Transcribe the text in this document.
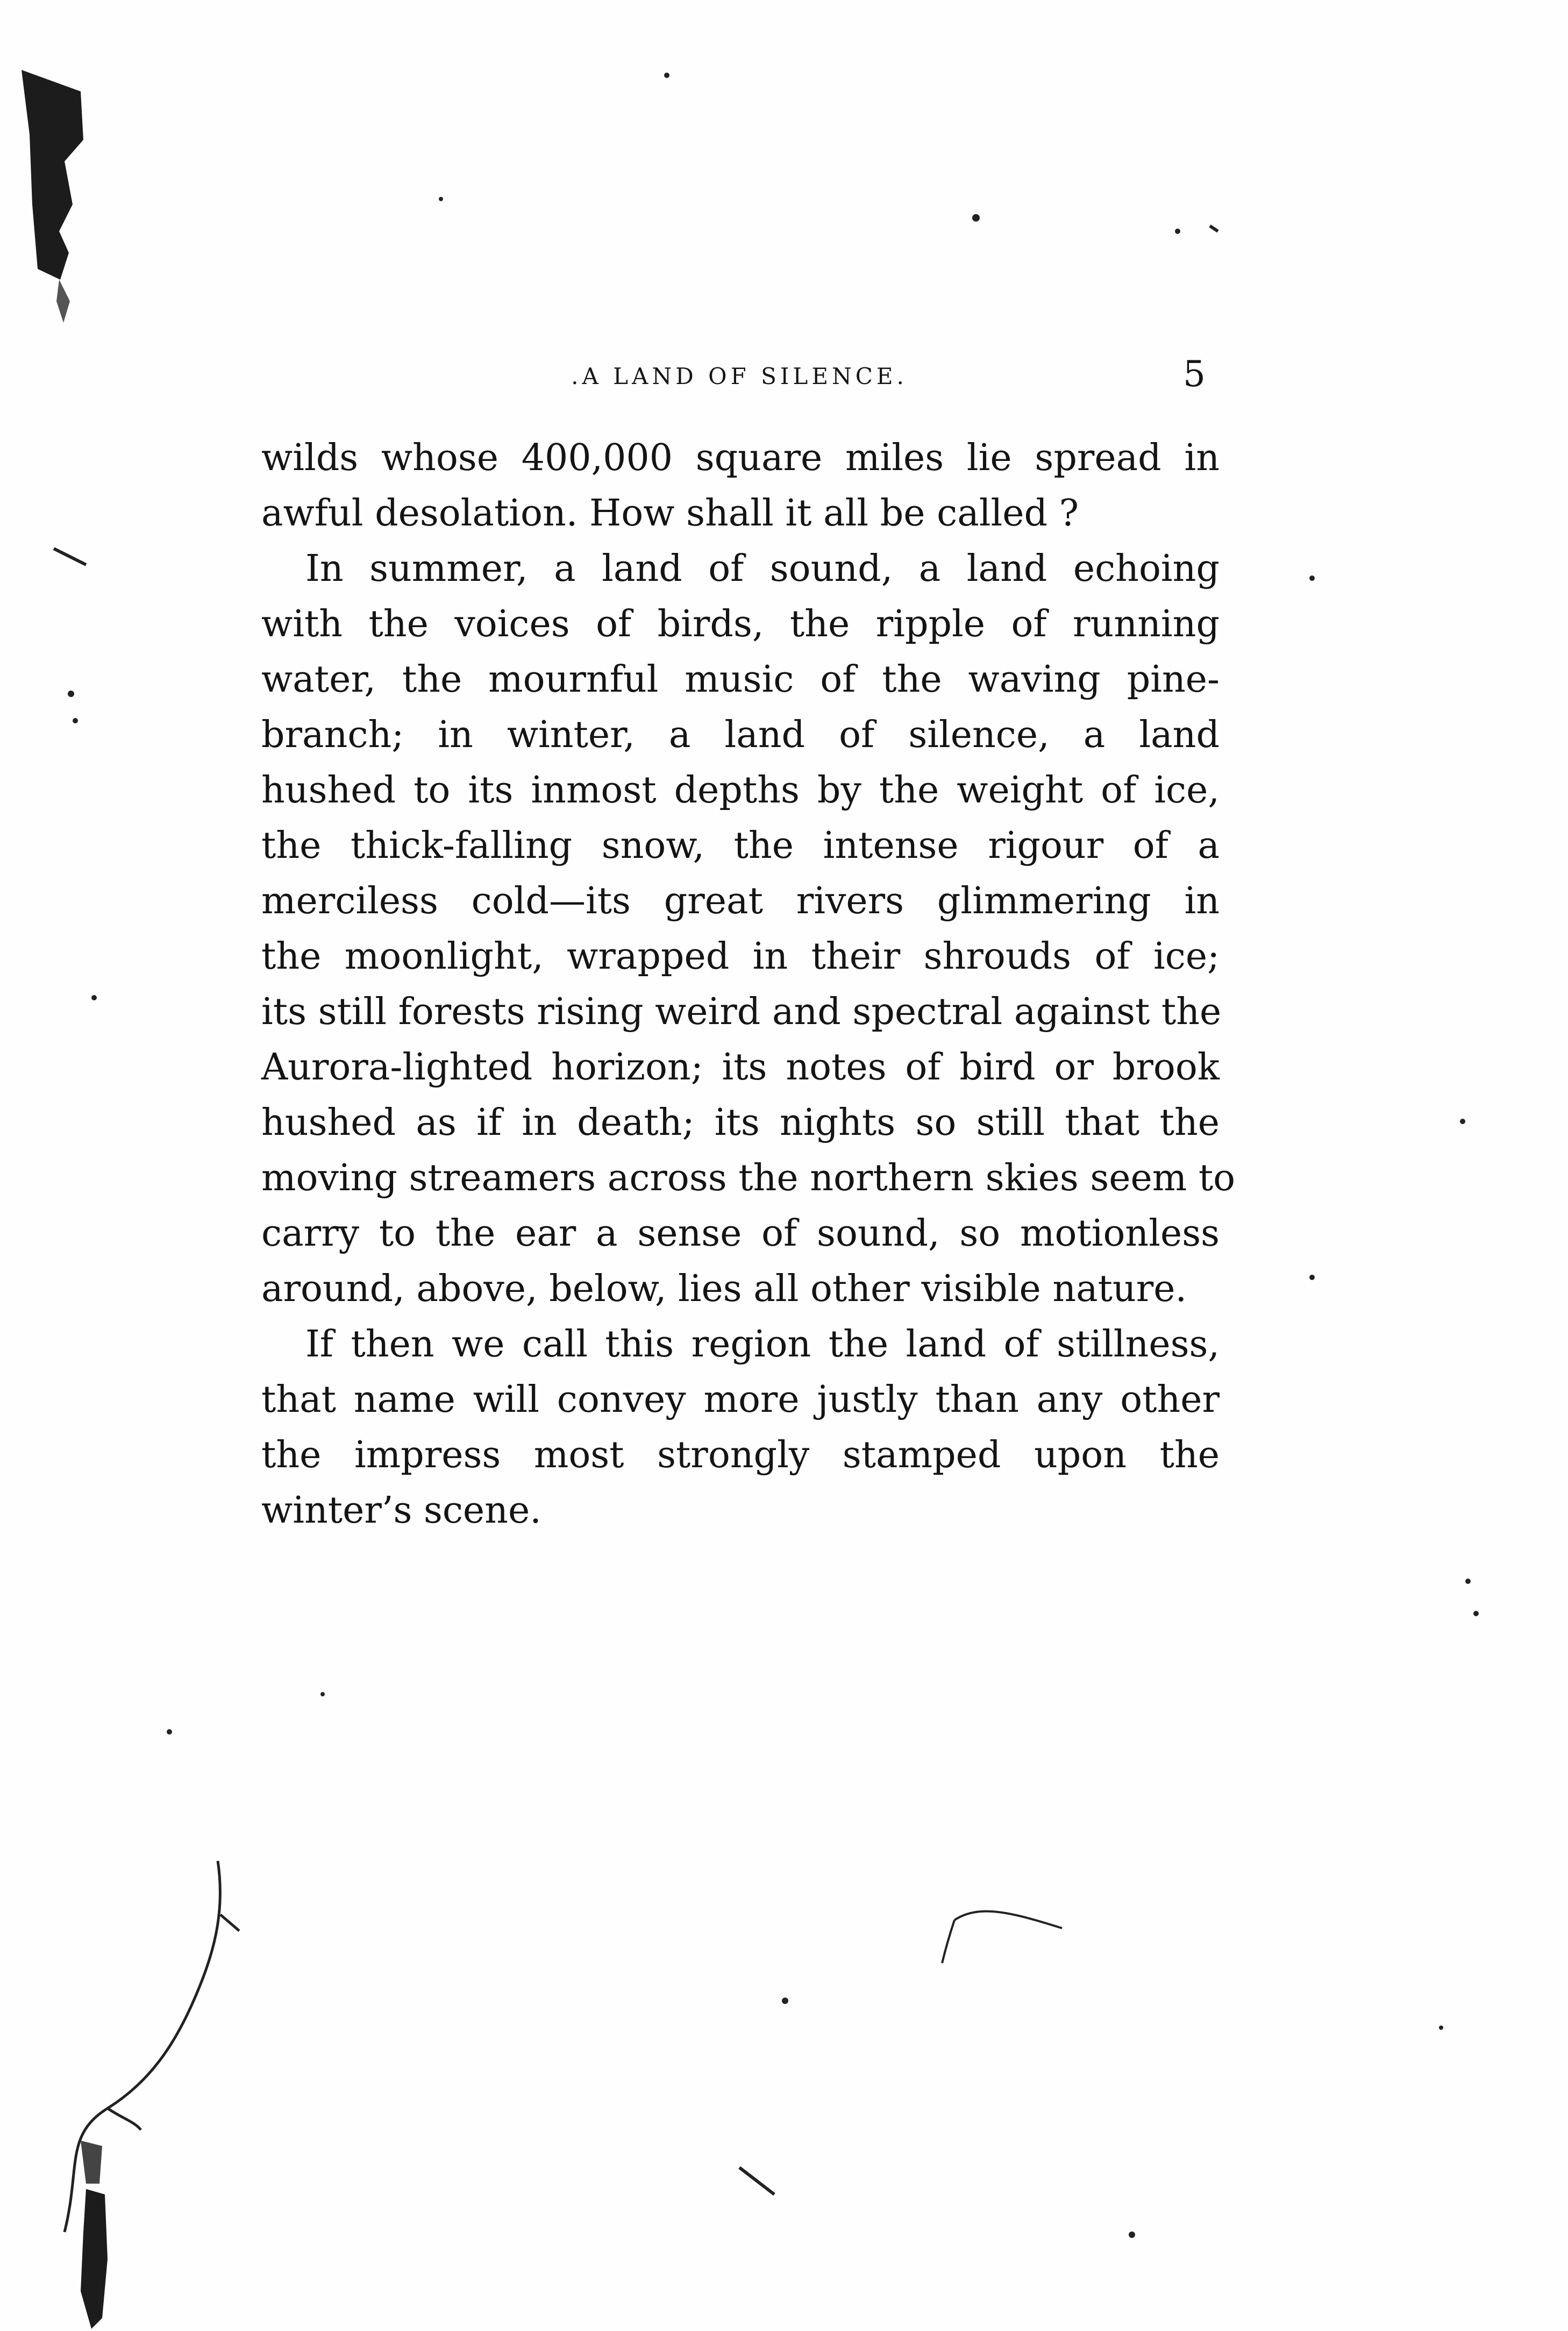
.A LAND OF SILENCE.	5
wilds whose 400,000 square miles lie spread in
awful desolation. How shall it all be called ?
In summer, a land of sound, a land echoing
with the voices of birds, the ripple of running
water, the mournful music of the waving pine-
branch; in winter, a land of silence, a land
hushed to its inmost depths by the weight of ice,
the thick-falling snow, the intense rigour of a
merciless cold—its great rivers glimmering in
the moonlight, wrapped in their shrouds of ice;
its still forests rising weird and spectral against the
Aurora-lighted horizon; its notes of bird or brook
hushed as if in death; its nights so still that the
moving streamers across the northern skies seem to
carry to the ear a sense of sound, so motionless
around, above, below, lies all other visible nature.
If then we call this region the land of stillness,
that name will convey more justly than any other
the impress most strongly stamped upon the
winter’s scene.
